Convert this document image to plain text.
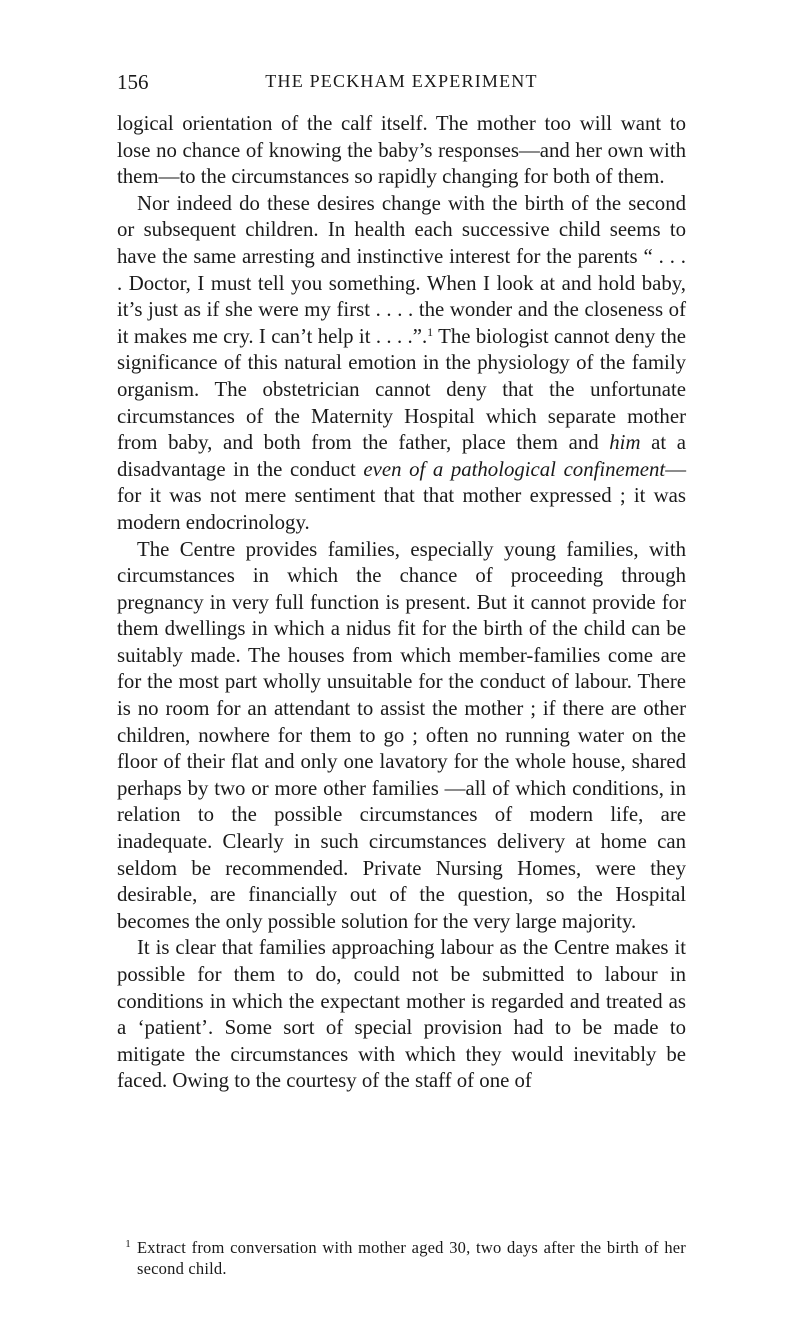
156	THE PECKHAM EXPERIMENT

logical orientation of the calf itself. The mother too will want to lose no chance of knowing the baby’s responses—and her own with them—to the circumstances so rapidly changing for both of them.

Nor indeed do these desires change with the birth of the second or subsequent children. In health each successive child seems to have the same arresting and instinctive interest for the parents “ . . . . Doctor, I must tell you something. When I look at and hold baby, it’s just as if she were my first . . . . the wonder and the closeness of it makes me cry. I can’t help it . . . .”.$^1$ The biologist cannot deny the significance of this natural emotion in the physiology of the family organism. The obstetrician cannot deny that the unfortunate circumstances of the Maternity Hospital which separate mother from baby, and both from the father, place them and him at a disadvantage in the conduct even of a pathological confinement—for it was not mere sentiment that that mother expressed ; it was modern endocrinology.

The Centre provides families, especially young families, with circumstances in which the chance of proceeding through pregnancy in very full function is present. But it cannot provide for them dwellings in which a nidus fit for the birth of the child can be suitably made. The houses from which member-families come are for the most part wholly unsuitable for the conduct of labour. There is no room for an attendant to assist the mother ; if there are other children, nowhere for them to go ; often no running water on the floor of their flat and only one lavatory for the whole house, shared perhaps by two or more other families —all of which conditions, in relation to the possible circumstances of modern life, are inadequate. Clearly in such circumstances delivery at home can seldom be recommended. Private Nursing Homes, were they desirable, are financially out of the question, so the Hospital becomes the only possible solution for the very large majority.

It is clear that families approaching labour as the Centre makes it possible for them to do, could not be submitted to labour in conditions in which the expectant mother is regarded and treated as a ‘patient’. Some sort of special provision had to be made to mitigate the circumstances with which they would inevitably be faced. Owing to the courtesy of the staff of one of

1 Extract from conversation with mother aged 30, two days after the birth of her second child.
